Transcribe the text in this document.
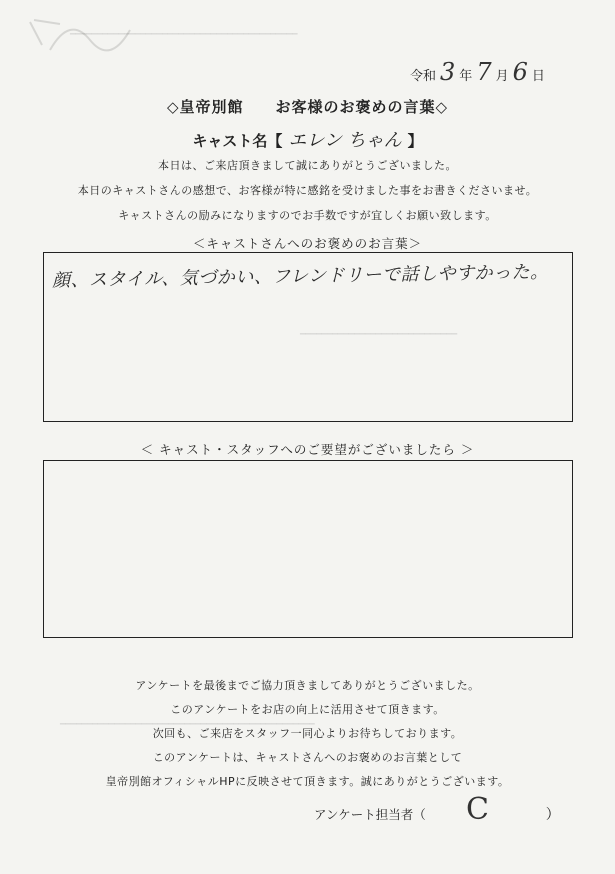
━━━━━━━━━━━━━━━━━━━━━━━━━━━━━━━━━━━━━━━━━━
━━━━━━━━━━━━━━━━━━━━━━━━━━━━━
━━━━━━━━━━━━━━━━━━━━━━━━━━━━━━━━━━━━━━━━━━━━━━━
令和 3 年 7 月 6 日
◇皇帝別館　　お客様のお褒めの言葉◇
キャスト名【 エレン ちゃん 】
本日は、ご来店頂きまして誠にありがとうございました。
本日のキャストさんの感想で、お客様が特に感銘を受けました事をお書きくださいませ。
キャストさんの励みになりますのでお手数ですが宜しくお願い致します。
＜キャストさんへのお褒めのお言葉＞
顔、スタイル、気づかい、フレンドリーで話しやすかった。
＜ キャスト・スタッフへのご要望がございましたら ＞
アンケートを最後までご協力頂きましてありがとうございました。
このアンケートをお店の向上に活用させて頂きます。
次回も、ご来店をスタッフ一同心よりお待ちしております。
このアンケートは、キャストさんへのお褒めのお言葉として
皇帝別館オフィシャルHPに反映させて頂きます。誠にありがとうございます。
アンケート担当者（	）
C
